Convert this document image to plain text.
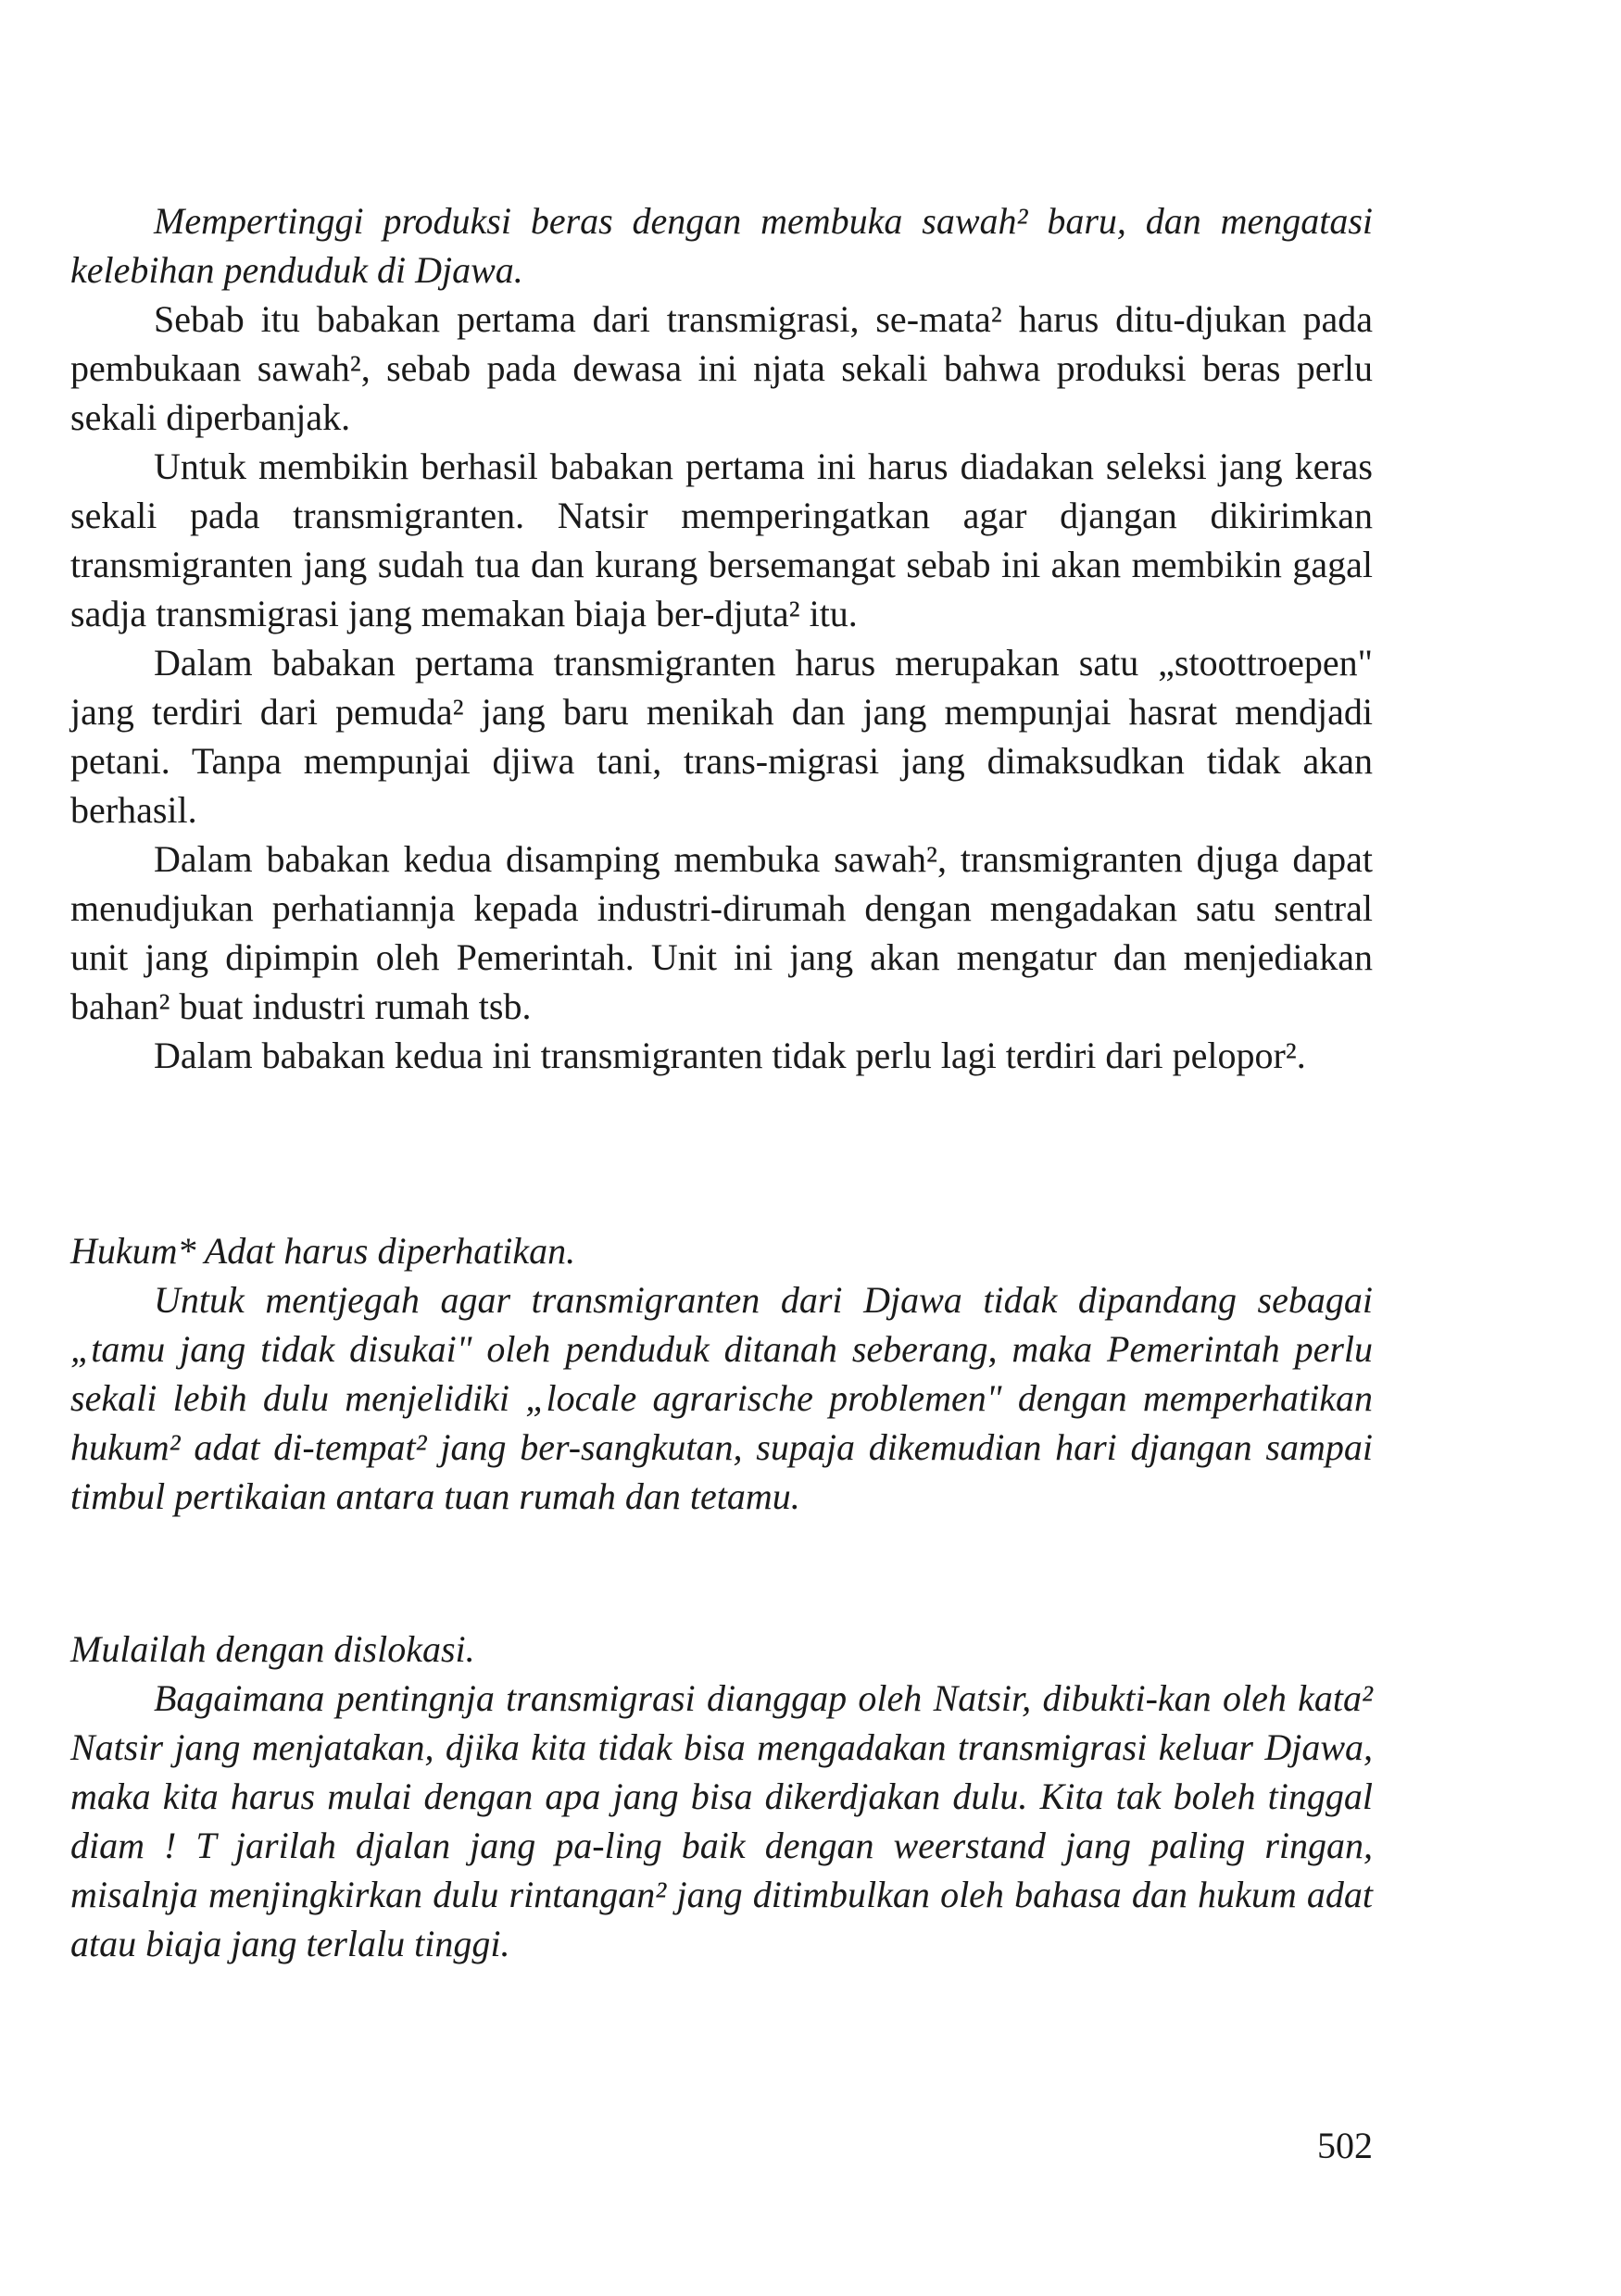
Mempertinggi produksi beras dengan membuka sawah² baru, dan mengatasi kelebihan penduduk di Djawa.

Sebab itu babakan pertama dari transmigrasi, se-mata² harus ditu-djukan pada pembukaan sawah², sebab pada dewasa ini njata sekali bahwa produksi beras perlu sekali diperbanjak.

Untuk membikin berhasil babakan pertama ini harus diadakan seleksi jang keras sekali pada transmigranten. Natsir memperingatkan agar djangan dikirimkan transmigranten jang sudah tua dan kurang bersemangat sebab ini akan membikin gagal sadja transmigrasi jang memakan biaja ber-djuta² itu.

Dalam babakan pertama transmigranten harus merupakan satu „stoottroepen" jang terdiri dari pemuda² jang baru menikah dan jang mempunjai hasrat mendjadi petani. Tanpa mempunjai djiwa tani, trans-migrasi jang dimaksudkan tidak akan berhasil.

Dalam babakan kedua disamping membuka sawah², transmigranten djuga dapat menudjukan perhatiannja kepada industri-dirumah dengan mengadakan satu sentral unit jang dipimpin oleh Pemerintah. Unit ini jang akan mengatur dan menjediakan bahan² buat industri rumah tsb.

Dalam babakan kedua ini transmigranten tidak perlu lagi terdiri dari pelopor².

Hukum* Adat harus diperhatikan.

Untuk mentjegah agar transmigranten dari Djawa tidak dipandang sebagai „tamu jang tidak disukai" oleh penduduk ditanah seberang, maka Pemerintah perlu sekali lebih dulu menjelidiki „locale agrarische problemen" dengan memperhatikan hukum² adat di-tempat² jang ber-sangkutan, supaja dikemudian hari djangan sampai timbul pertikaian antara tuan rumah dan tetamu.

Mulailah dengan dislokasi.

Bagaimana pentingnja transmigrasi dianggap oleh Natsir, dibukti-kan oleh kata² Natsir jang menjatakan, djika kita tidak bisa mengadakan transmigrasi keluar Djawa, maka kita harus mulai dengan apa jang bisa dikerdjakan dulu. Kita tak boleh tinggal diam ! T jarilah djalan jang pa-ling baik dengan weerstand jang paling ringan, misalnja menjingkirkan dulu rintangan² jang ditimbulkan oleh bahasa dan hukum adat atau biaja jang terlalu tinggi.

502
